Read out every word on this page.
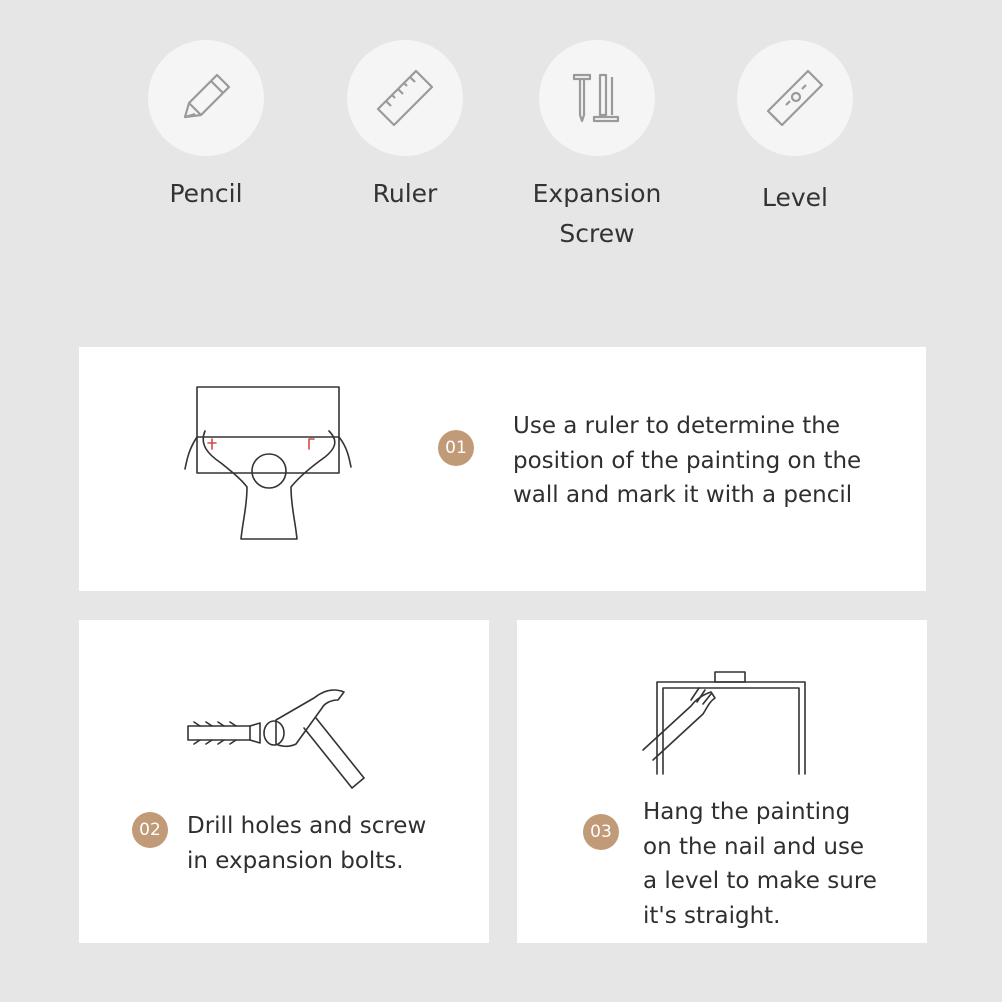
Pencil	Ruler	Expansion
Screw
Level
01
Use a ruler to determine the
position of the painting on the
wall and mark it with a pencil
02	Drill holes and screw
in expansion bolts.
03
Hang the painting
on the nail and use
a level to make sure
it's straight.
